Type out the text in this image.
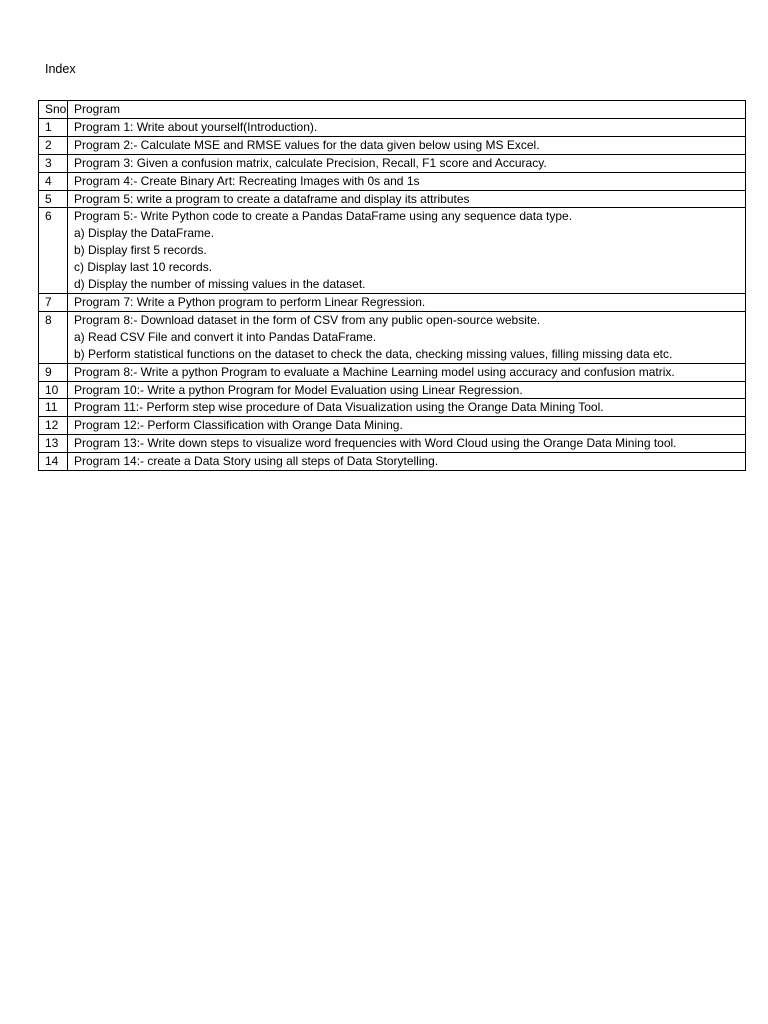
Index
Sno	Program
1	Program 1: Write about yourself(Introduction).

2	Program 2:- Calculate MSE and RMSE values for the data given below using MS Excel.

3	Program 3: Given a confusion matrix, calculate Precision, Recall, F1 score and Accuracy.

4	Program 4:- Create Binary Art: Recreating Images with 0s and 1s

5	Program 5: write a program to create a dataframe and display its attributes

6	Program 5:- Write Python code to create a Pandas DataFrame using any sequence data type.
a) Display the DataFrame.
b) Display first 5 records.
c) Display last 10 records.
d) Display the number of missing values in the dataset.

7	Program 7: Write a Python program to perform Linear Regression.

8	Program 8:- Download dataset in the form of CSV from any public open-source website.
a) Read CSV File and convert it into Pandas DataFrame.
b) Perform statistical functions on the dataset to check the data, checking missing values, filling missing data etc.

9	Program 8:- Write a python Program to evaluate a Machine Learning model using accuracy and confusion matrix.

10	Program 10:- Write a python Program for Model Evaluation using Linear Regression.

11	Program 11:- Perform step wise procedure of Data Visualization using the Orange Data Mining Tool.

12	Program 12:- Perform Classification with Orange Data Mining.

13	Program 13:- Write down steps to visualize word frequencies with Word Cloud using the Orange Data Mining tool.

14	Program 14:- create a Data Story using all steps of Data Storytelling.
